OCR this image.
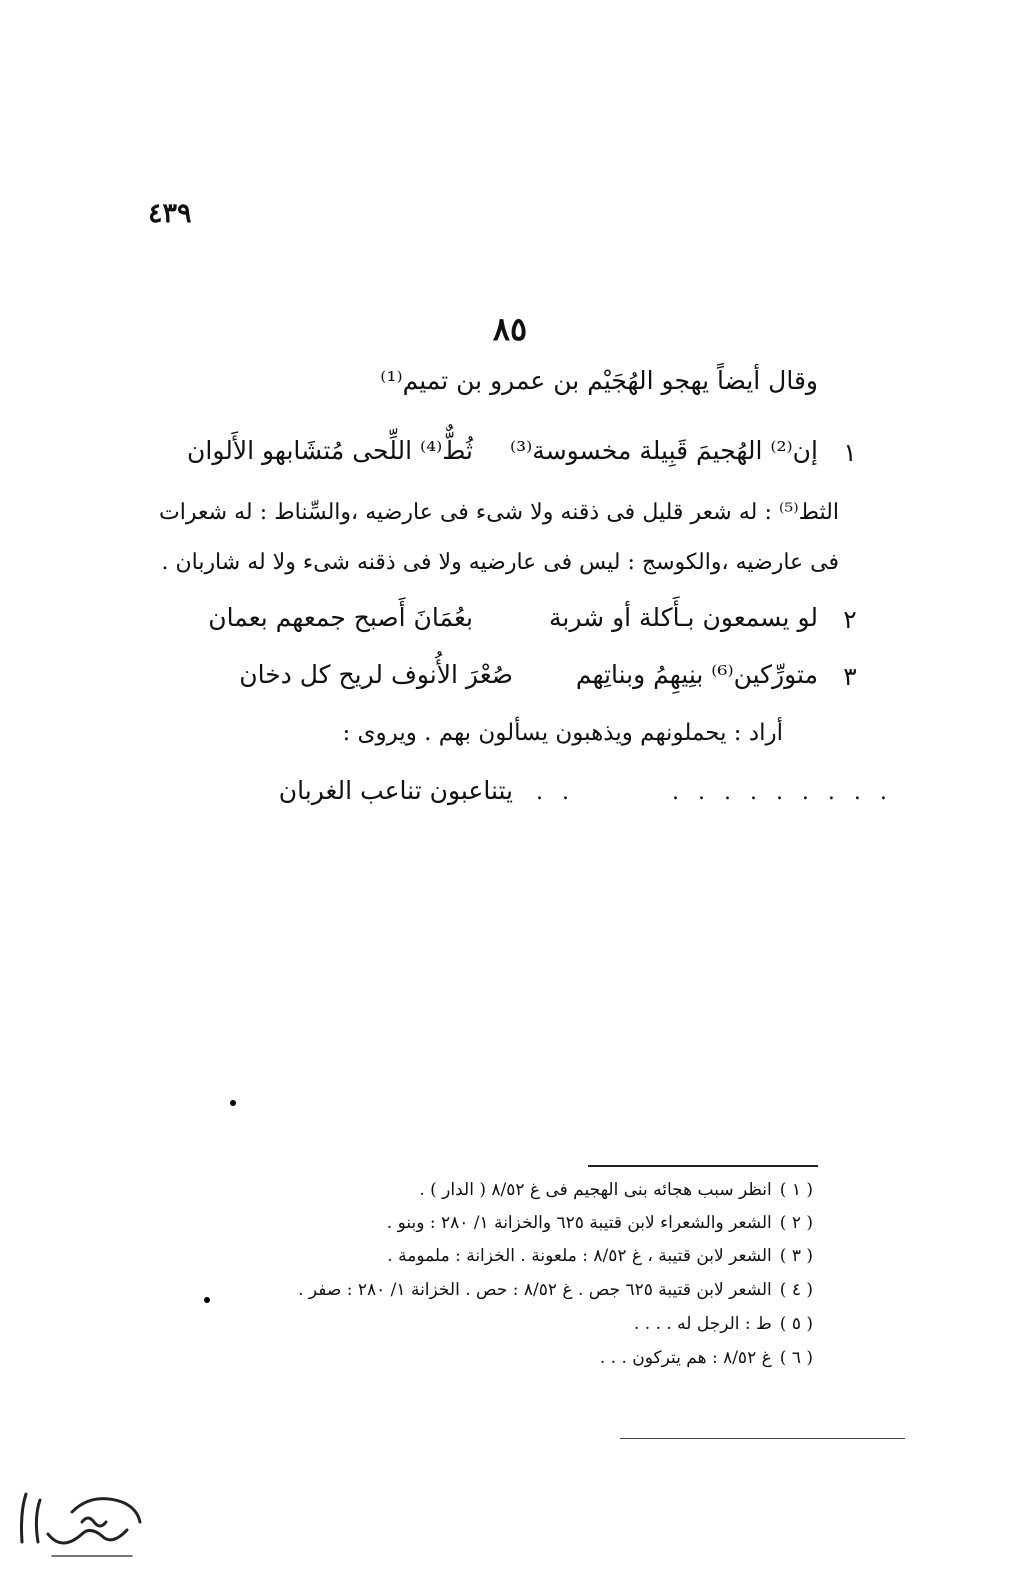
٤٣٩
٨٥
وقال أيضاً يهجو الهُجَيْم بن عمرو بن تميم⁽¹⁾
١
إن⁽²⁾ الهُجيمَ قَبِيلة مخسوسة⁽³⁾
ثُطٌّ⁽⁴⁾ اللِّحى مُتشَابهو الأَلوان
الثط⁽⁵⁾ : له شعر قليل فى ذقنه ولا شىء فى عارضيه ،والسِّناط : له شعرات فى عارضيه ،والكوسج : ليس فى عارضيه ولا فى ذقنه شىء ولا له شاربان .
٢
لو يسمعون بـأَكلة أو شربة
بعُمَانَ أَصبح جمعهم بعمان
٣
متورِّكين⁽⁶⁾ بنِيهِمُ وبناتِهم
صُعْرَ الأُنوف لريح كل دخان
أراد : يحملونهم ويذهبون يسألون بهم . ويروى :
. . . . . . . . .
. .
يتناعبون تناعب الغربان
( ١ )انظر سبب هجائه بنى الهجيم فى غ ٨/٥٢ ( الدار ) .
( ٢ )الشعر والشعراء لابن قتيبة ٦٢٥ والخزانة ١/ ٢٨٠ : وبنو .
( ٣ )الشعر لابن قتيبة ، غ ٨/٥٢ : ملعونة . الخزانة : ملمومة .
( ٤ )الشعر لابن قتيبة ٦٢٥ جص . غ ٨/٥٢ : حص . الخزانة ١/ ٢٨٠ : صفر .
( ٥ )ط : الرجل له . . . .
( ٦ )غ ٨/٥٢ : هم يتركون . . .
